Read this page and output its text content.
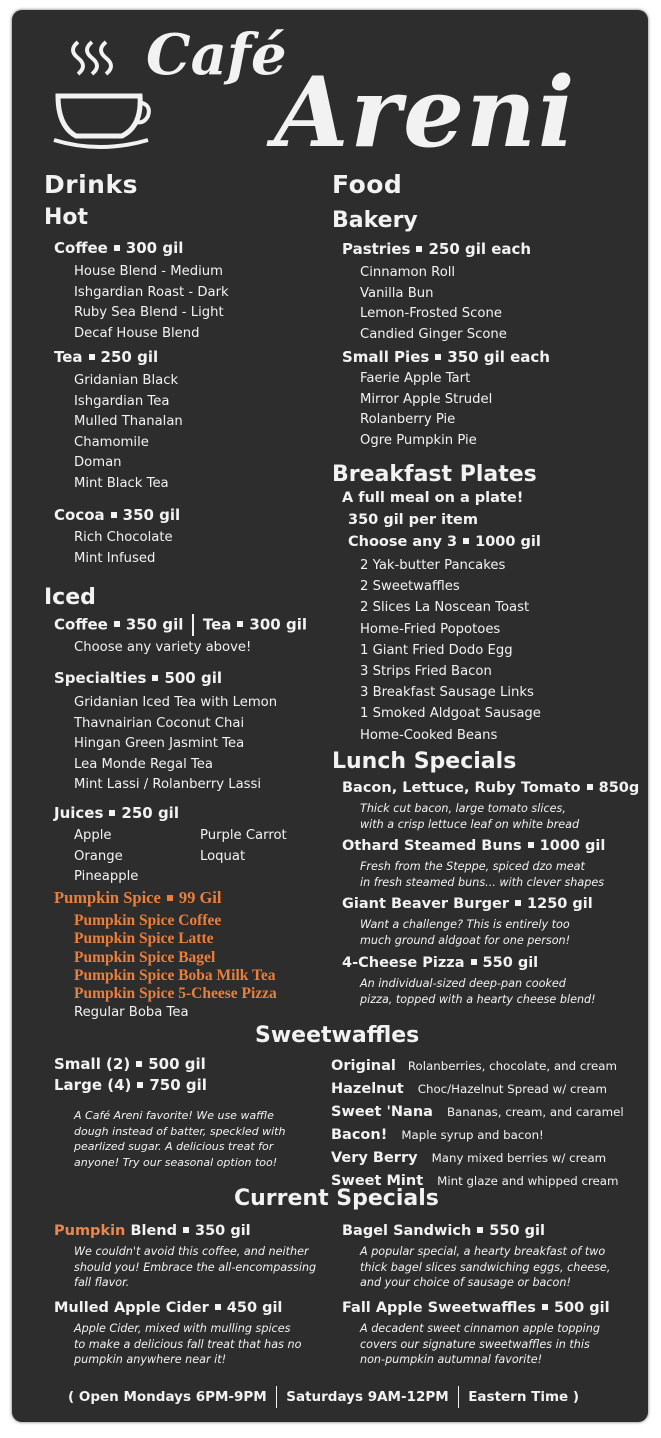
Café
Areni
Drinks
Hot
Coffee 300 gil
House Blend - Medium
Ishgardian Roast - Dark
Ruby Sea Blend - Light
Decaf House Blend
Tea 250 gil
Gridanian Black
Ishgardian Tea
Mulled Thanalan
Chamomile
Doman
Mint Black Tea
Cocoa 350 gil
Rich Chocolate
Mint Infused
Iced
Coffee 350 gil Tea 300 gil
Choose any variety above!
Specialties 500 gil
Gridanian Iced Tea with Lemon
Thavnairian Coconut Chai
Hingan Green Jasmint Tea
Lea Monde Regal Tea
Mint Lassi / Rolanberry Lassi
Juices 250 gil
Apple
Orange
Pineapple
Purple Carrot
Loquat
Pumpkin Spice 99 Gil
Pumpkin Spice Coffee
Pumpkin Spice Latte
Pumpkin Spice Bagel
Pumpkin Spice Boba Milk Tea
Pumpkin Spice 5-Cheese Pizza
Regular Boba Tea
Food
Bakery
Pastries 250 gil each
Cinnamon Roll
Vanilla Bun
Lemon-Frosted Scone
Candied Ginger Scone
Small Pies 350 gil each
Faerie Apple Tart
Mirror Apple Strudel
Rolanberry Pie
Ogre Pumpkin Pie
Breakfast Plates
A full meal on a plate!
350 gil per item
Choose any 3 1000 gil
2 Yak-butter Pancakes
2 Sweetwaffles
2 Slices La Noscean Toast
Home-Fried Popotoes
1 Giant Fried Dodo Egg
3 Strips Fried Bacon
3 Breakfast Sausage Links
1 Smoked Aldgoat Sausage
Home-Cooked Beans
Lunch Specials
Bacon, Lettuce, Ruby Tomato 850g
Thick cut bacon, large tomato slices,
with a crisp lettuce leaf on white bread
Othard Steamed Buns 1000 gil
Fresh from the Steppe, spiced dzo meat
in fresh steamed buns... with clever shapes
Giant Beaver Burger 1250 gil
Want a challenge? This is entirely too
much ground aldgoat for one person!
4-Cheese Pizza 550 gil
An individual-sized deep-pan cooked
pizza, topped with a hearty cheese blend!
Sweetwaffles
Small (2) 500 gil
Large (4) 750 gil
A Café Areni favorite! We use waffle
dough instead of batter, speckled with
pearlized sugar. A delicious treat for
anyone! Try our seasonal option too!
Original Rolanberries, chocolate, and cream
Hazelnut Choc/Hazelnut Spread w/ cream
Sweet 'Nana Bananas, cream, and caramel
Bacon! Maple syrup and bacon!
Very Berry Many mixed berries w/ cream
Sweet Mint Mint glaze and whipped cream
Current Specials
Pumpkin Blend 350 gil
We couldn't avoid this coffee, and neither
should you! Embrace the all-encompassing
fall flavor.
Bagel Sandwich 550 gil
A popular special, a hearty breakfast of two
thick bagel slices sandwiching eggs, cheese,
and your choice of sausage or bacon!
Mulled Apple Cider 450 gil
Apple Cider, mixed with mulling spices
to make a delicious fall treat that has no
pumpkin anywhere near it!
Fall Apple Sweetwaffles 500 gil
A decadent sweet cinnamon apple topping
covers our signature sweetwaffles in this
non-pumpkin autumnal favorite!
( Open Mondays 6PM-9PM Saturdays 9AM-12PM Eastern Time )
